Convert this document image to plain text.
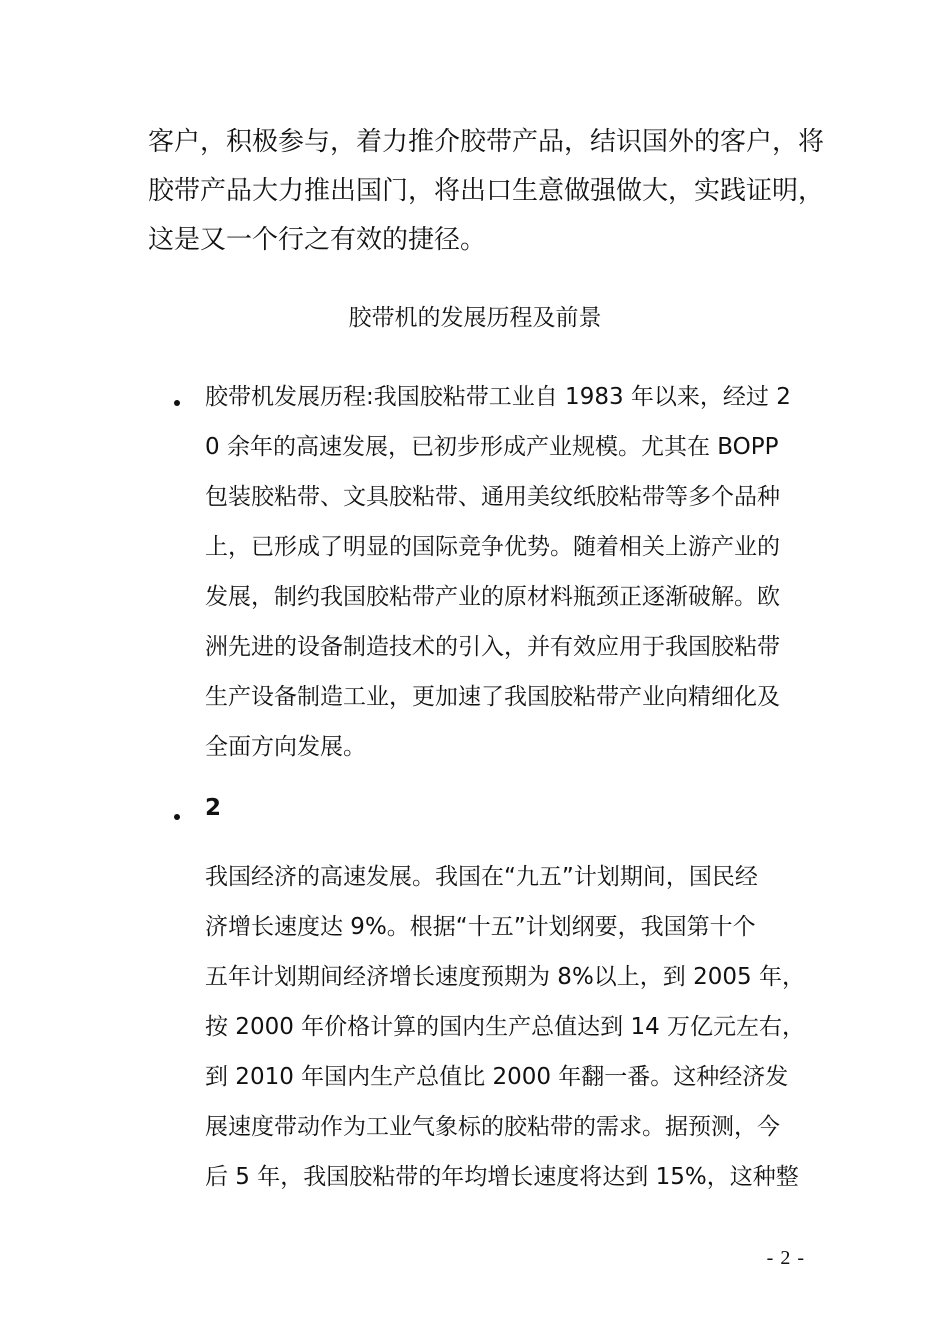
客户，积极参与，着力推介胶带产品，结识国外的客户，将
胶带产品大力推出国门，将出口生意做强做大，实践证明，
这是又一个行之有效的捷径。
胶带机的发展历程及前景
胶带机发展历程:我国胶粘带工业自 1983 年以来，经过 2
0 余年的高速发展，已初步形成产业规模。尤其在 BOPP
包装胶粘带、文具胶粘带、通用美纹纸胶粘带等多个品种
上，已形成了明显的国际竞争优势。随着相关上游产业的
发展，制约我国胶粘带产业的原材料瓶颈正逐渐破解。欧
洲先进的设备制造技术的引入，并有效应用于我国胶粘带
生产设备制造工业，更加速了我国胶粘带产业向精细化及
全面方向发展。
2
我国经济的高速发展。我国在“九五”计划期间，国民经
济增长速度达 9%。根据“十五”计划纲要，我国第十个
五年计划期间经济增长速度预期为 8%以上，到 2005 年，
按 2000 年价格计算的国内生产总值达到 14 万亿元左右，
到 2010 年国内生产总值比 2000 年翻一番。这种经济发
展速度带动作为工业气象标的胶粘带的需求。据预测，今
后 5 年，我国胶粘带的年均增长速度将达到 15%，这种整
- 2 -
